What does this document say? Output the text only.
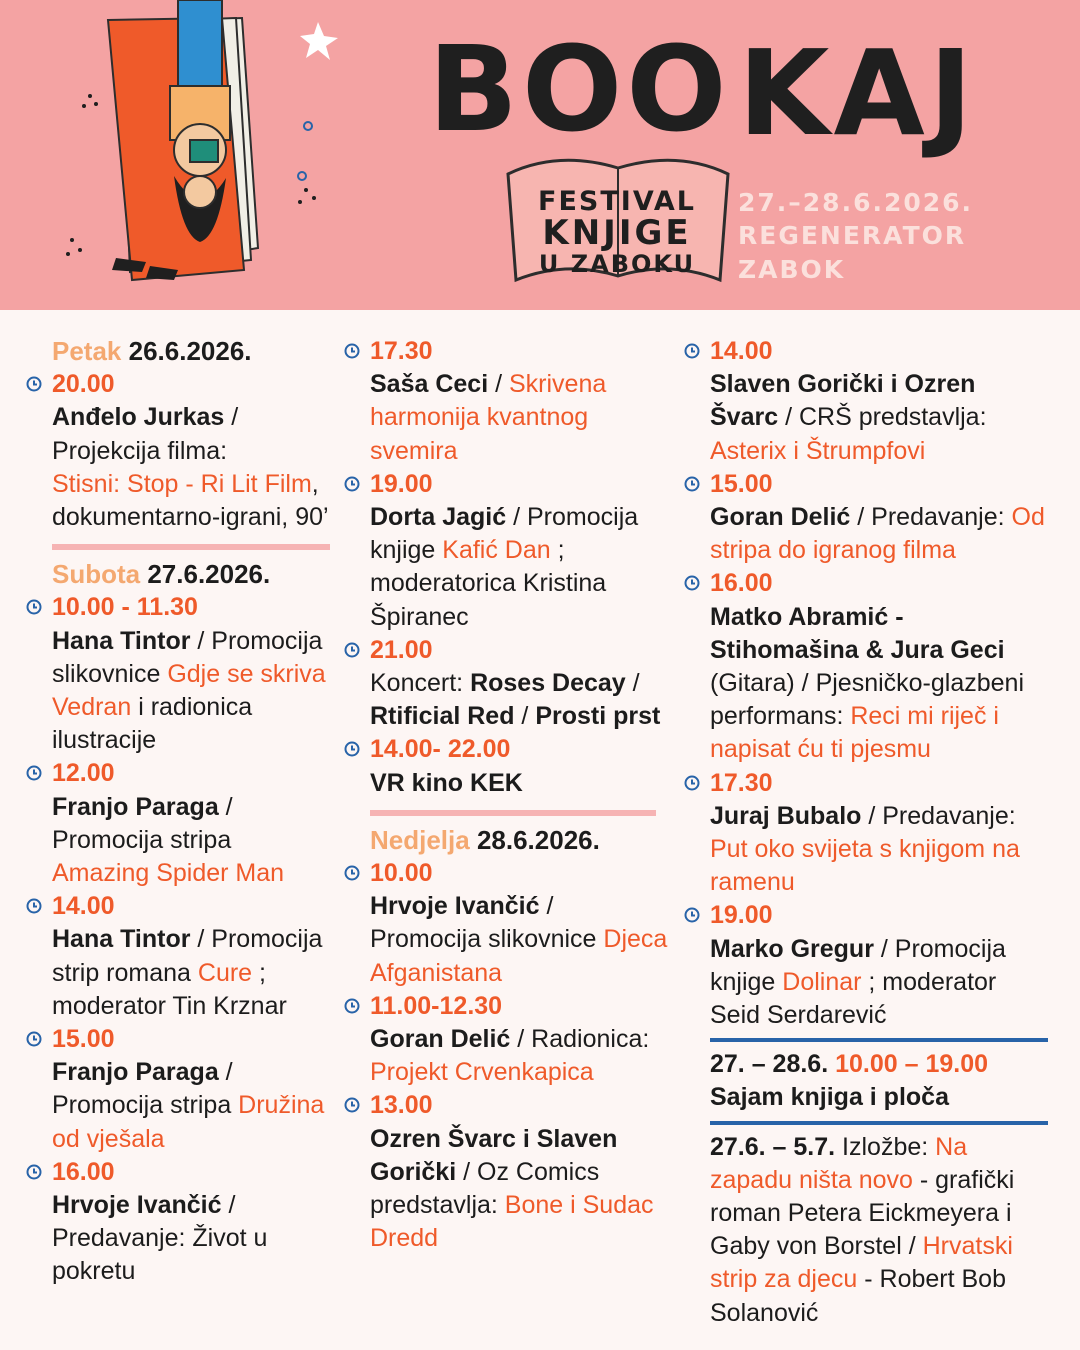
BOO KAJ
FESTIVAL
KNJIGE
U ZABOKU
27.–28.6.2026.
REGENERATOR
ZABOK
Petak 26.6.2026.
20.00
Anđelo Jurkas /
Projekcija filma:
Stisni: Stop - Ri Lit Film, dokumentarno-igrani, 90’
Subota 27.6.2026.
10.00 - 11.30
Hana Tintor / Promocija slikovnice Gdje se skriva Vedran i radionica ilustracije
12.00
Franjo Paraga / Promocija stripa Amazing Spider Man
14.00
Hana Tintor / Promocija strip romana Cure ; moderator Tin Krznar
15.00
Franjo Paraga / Promocija stripa Družina od vješala
16.00
Hrvoje Ivančić / Predavanje: Život u pokretu
17.30
Saša Ceci / Skrivena harmonija kvantnog svemira
19.00
Dorta Jagić / Promocija knjige Kafić Dan ; moderatorica Kristina Špiranec
21.00
Koncert: Roses Decay / Rtificial Red / Prosti prst
14.00- 22.00
VR kino KEK
Nedjelja 28.6.2026.
10.00
Hrvoje Ivančić / Promocija slikovnice Djeca Afganistana
11.00-12.30
Goran Delić / Radionica: Projekt Crvenkapica
13.00
Ozren Švarc i Slaven Gorički / Oz Comics predstavlja: Bone i Sudac Dredd
14.00
Slaven Gorički i Ozren Švarc / CRŠ predstavlja: Asterix i Štrumpfovi
15.00
Goran Delić / Predavanje: Od stripa do igranog filma
16.00
Matko Abramić - Stihomašina & Jura Geci (Gitara) / Pjesničko-glazbeni performans: Reci mi riječ i napisat ću ti pjesmu
17.30
Juraj Bubalo / Predavanje: Put oko svijeta s knjigom na ramenu
19.00
Marko Gregur / Promocija knjige Dolinar ; moderator Seid Serdarević
27. – 28.6. 10.00 – 19.00
Sajam knjiga i ploča
27.6. – 5.7. Izložbe: Na zapadu ništa novo - grafički roman Petera Eickmeyera i Gaby von Borstel / Hrvatski strip za djecu - Robert Bob Solanović
